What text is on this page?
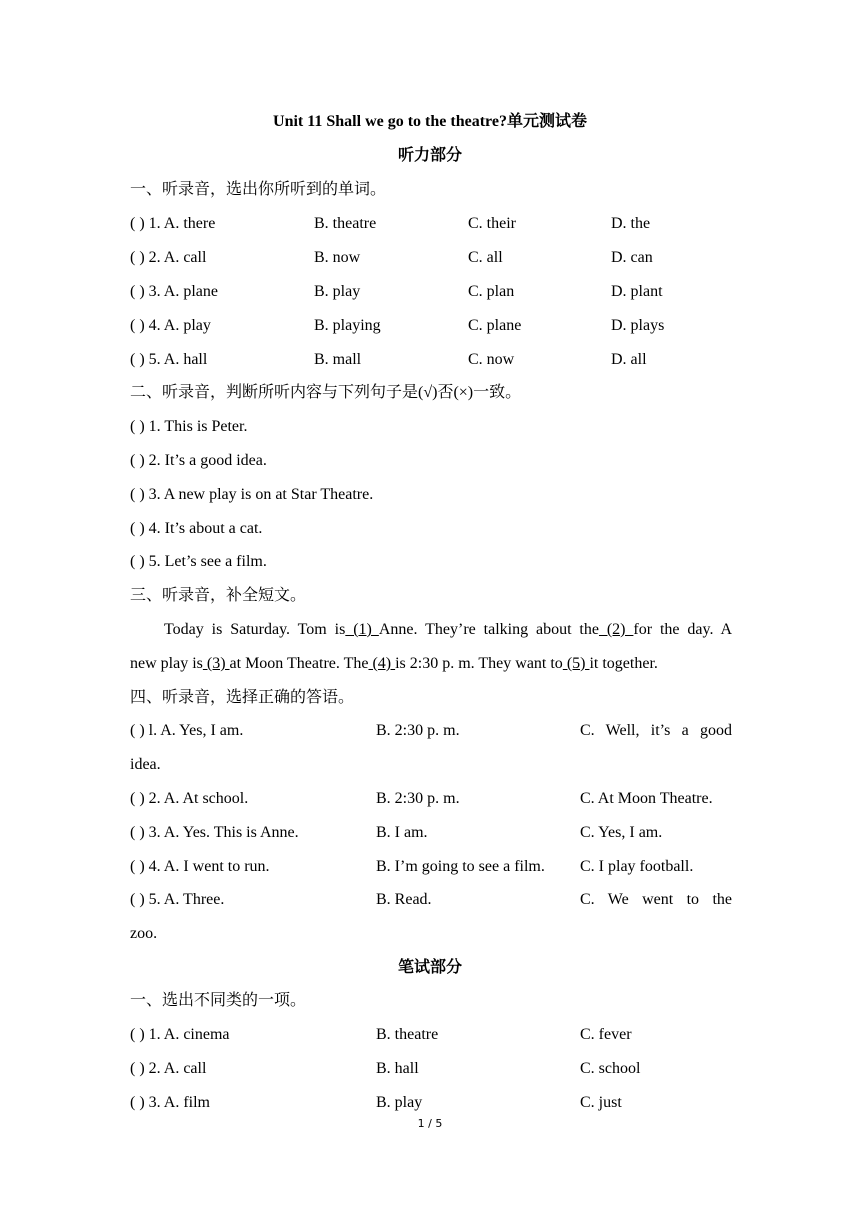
Unit 11 Shall we go to the theatre?单元测试卷
听力部分
一、听录音，选出你所听到的单词。
( ) 1. A. there	B. theatre	C. their	D. the
( ) 2. A. call	B. now	C. all	D. can
( ) 3. A. plane	B. play	C. plan	D. plant
( ) 4. A. play	B. playing	C. plane	D. plays
( ) 5. A. hall	B. mall	C. now	D. all
二、听录音，判断所听内容与下列句子是(√)否(×)一致。
( ) 1. This is Peter.
( ) 2. It’s a good idea.
( ) 3. A new play is on at Star Theatre.
( ) 4. It’s about a cat.
( ) 5. Let’s see a film.
三、听录音，补全短文。
Today is Saturday. Tom is (1) Anne. They’re talking about the (2) for the day. A
new play is (3) at Moon Theatre. The (4) is 2:30 p. m. They want to (5) it together.
四、听录音，选择正确的答语。
( ) l. A. Yes, I am.	B. 2:30 p. m.	C.  Well,  it’s  a  good
idea.
( ) 2. A. At school.	B. 2:30 p. m.	C. At Moon Theatre.
( ) 3. A. Yes. This is Anne.	B. I am.	C. Yes, I am.
( ) 4. A. I went to run.	B. I’m going to see a film. C. I play football.
( ) 5. A. Three.	B. Read.	C.   We   went   to   the
zoo.
笔试部分
一、选出不同类的一项。
( ) 1. A. cinema	B. theatre	C. fever
( ) 2. A. call	B. hall	C. school
( ) 3. A. film	B. play	C. just
1 / 5
